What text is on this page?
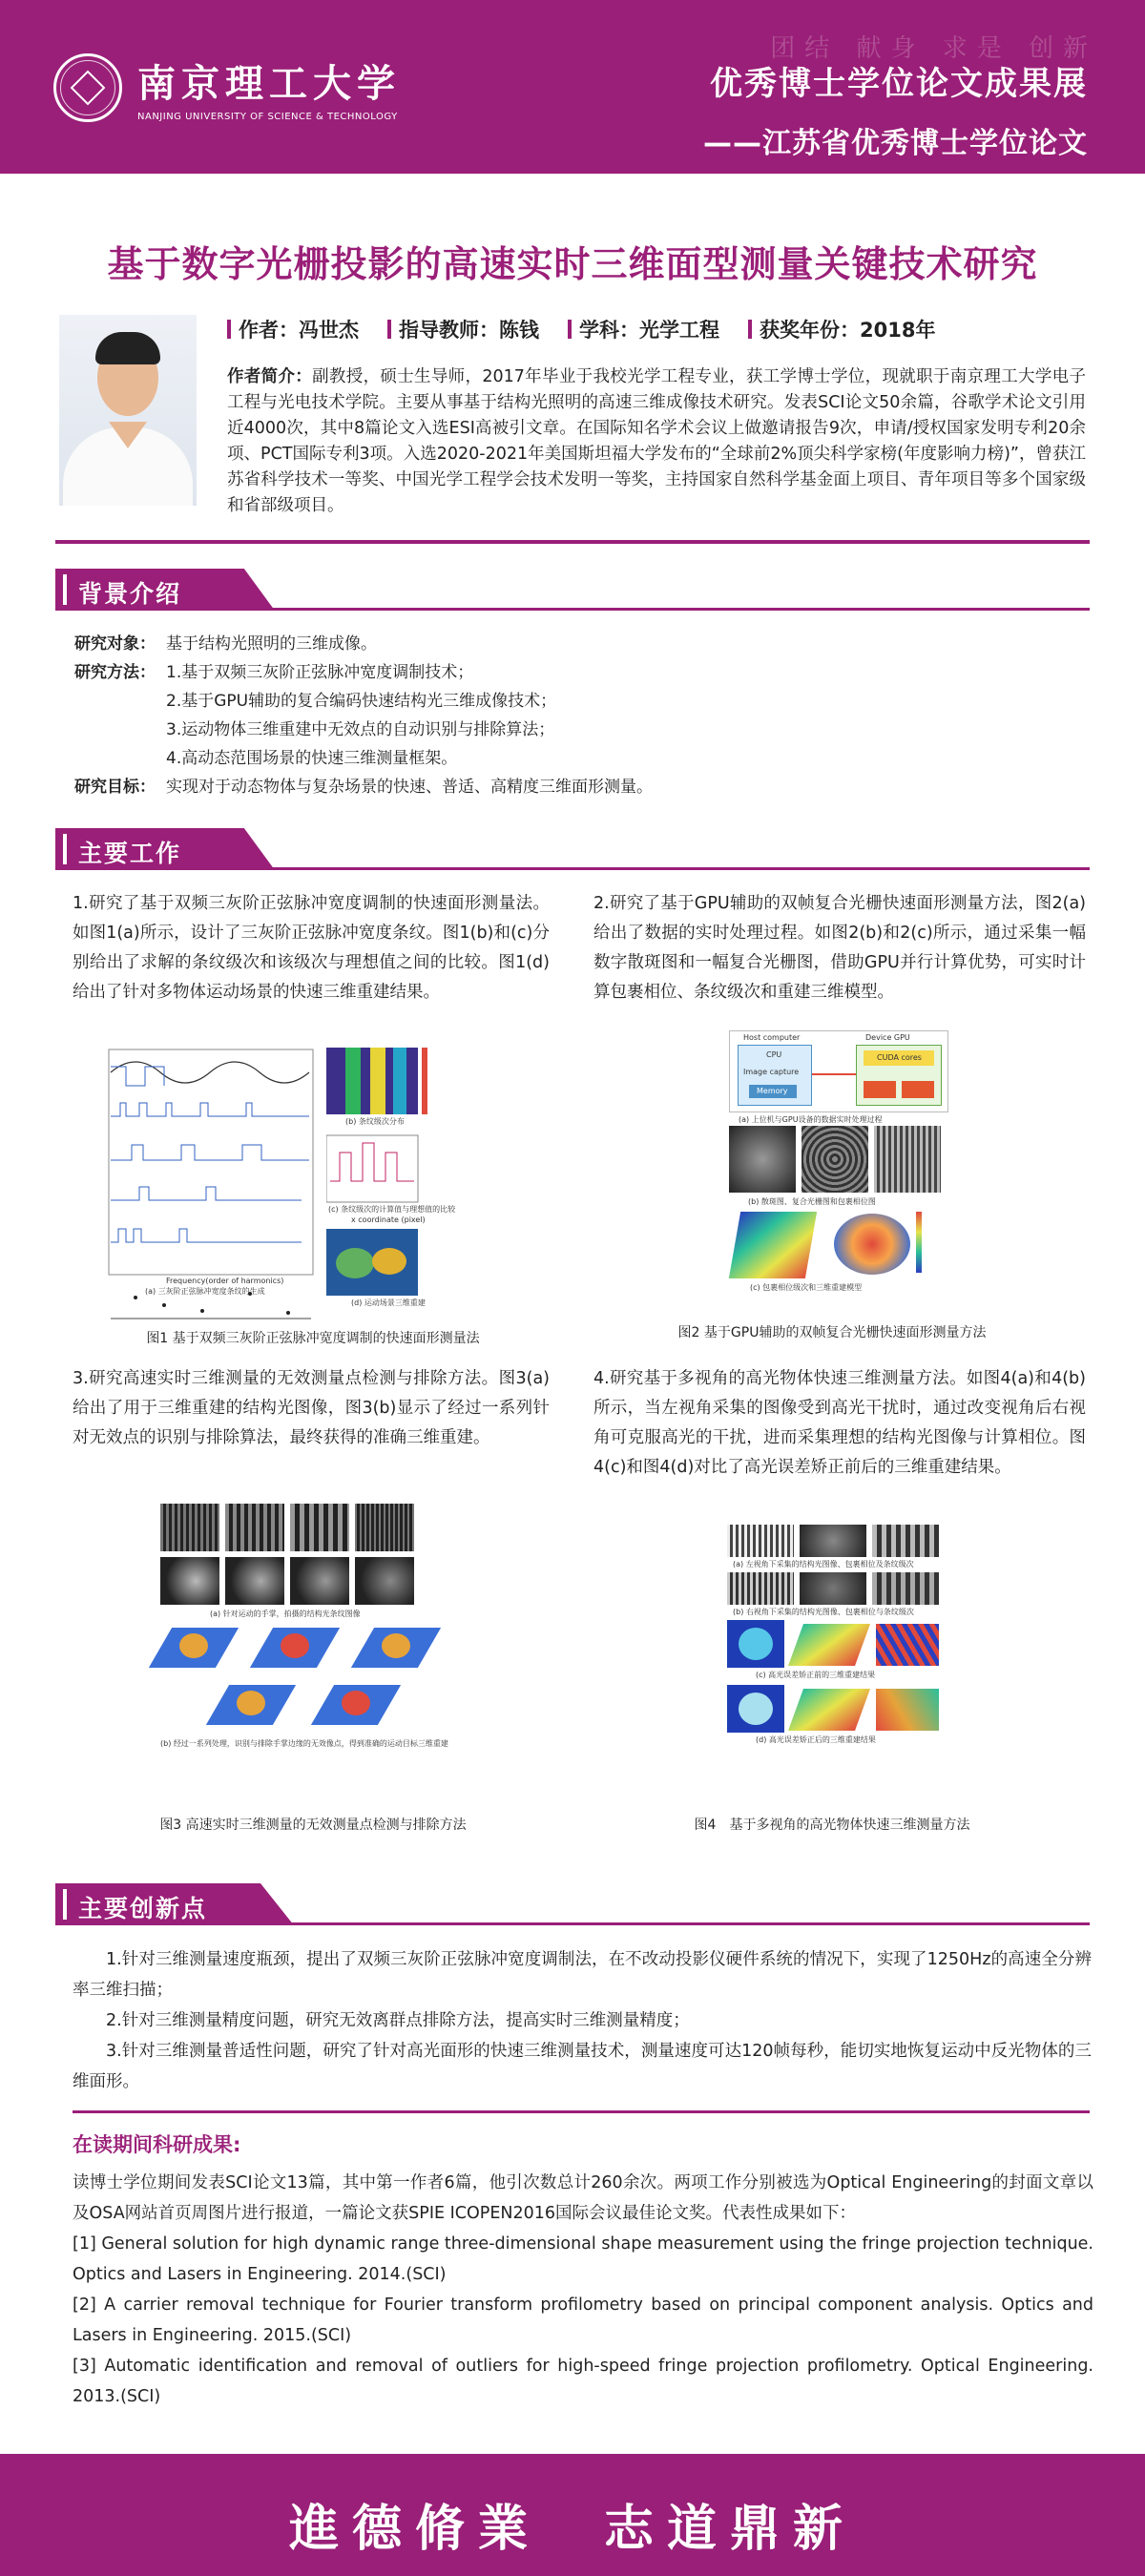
团结 献身 求是 创新
南京理工大学
NANJING UNIVERSITY OF SCIENCE & TECHNOLOGY
优秀博士学位论文成果展
——江苏省优秀博士学位论文
基于数字光栅投影的高速实时三维面型测量关键技术研究
作者：冯世杰 指导教师：陈钱 学科：光学工程 获奖年份：2018年
作者简介：副教授，硕士生导师，2017年毕业于我校光学工程专业，获工学博士学位，现就职于南京理工大学电子工程与光电技术学院。主要从事基于结构光照明的高速三维成像技术研究。发表SCI论文50余篇，谷歌学术论文引用近4000次，其中8篇论文入选ESI高被引文章。在国际知名学术会议上做邀请报告9次，申请/授权国家发明专利20余项、PCT国际专利3项。入选2020-2021年美国斯坦福大学发布的“全球前2%顶尖科学家榜(年度影响力榜)”，曾获江苏省科学技术一等奖、中国光学工程学会技术发明一等奖，主持国家自然科学基金面上项目、青年项目等多个国家级和省部级项目。
背景介绍
研究对象： 基于结构光照明的三维成像。
研究方法： 1.基于双频三灰阶正弦脉冲宽度调制技术；
2.基于GPU辅助的复合编码快速结构光三维成像技术；
3.运动物体三维重建中无效点的自动识别与排除算法；
4.高动态范围场景的快速三维测量框架。
研究目标： 实现对于动态物体与复杂场景的快速、普适、高精度三维面形测量。
主要工作
1.研究了基于双频三灰阶正弦脉冲宽度调制的快速面形测量法。如图1(a)所示，设计了三灰阶正弦脉冲宽度条纹。图1(b)和(c)分别给出了求解的条纹级次和该级次与理想值之间的比较。图1(d)给出了针对多物体运动场景的快速三维重建结果。
2.研究了基于GPU辅助的双帧复合光栅快速面形测量方法，图2(a)给出了数据的实时处理过程。如图2(b)和2(c)所示，通过采集一幅数字散斑图和一幅复合光栅图，借助GPU并行计算优势，可实时计算包裹相位、条纹级次和重建三维模型。
Frequency(order of harmonics)
(a) 三灰阶正弦脉冲宽度条纹的生成
(b) 条纹级次分布
(c) 条纹级次的计算值与理想值的比较
x coordinate (pixel)
(d) 运动场景三维重建
图1 基于双频三灰阶正弦脉冲宽度调制的快速面形测量法
Host computer	Device GPU
CPU
Image capture
CUDA cores
Memory
(a) 上位机与GPU设备的数据实时处理过程
(b) 散斑图、复合光栅图和包裹相位图
(c) 包裹相位级次和三维重建模型
图2 基于GPU辅助的双帧复合光栅快速面形测量方法
3.研究高速实时三维测量的无效测量点检测与排除方法。图3(a)给出了用于三维重建的结构光图像，图3(b)显示了经过一系列针对无效点的识别与排除算法，最终获得的准确三维重建。
4.研究基于多视角的高光物体快速三维测量方法。如图4(a)和4(b)所示，当左视角采集的图像受到高光干扰时，通过改变视角后右视角可克服高光的干扰，进而采集理想的结构光图像与计算相位。图4(c)和图4(d)对比了高光误差矫正前后的三维重建结果。
(a) 针对运动的手掌，拍摄的结构光条纹图像
(b) 经过一系列处理，识别与排除手掌边缘的无效像点，得到准确的运动目标三维重建
图3 高速实时三维测量的无效测量点检测与排除方法
(a) 左视角下采集的结构光图像、包裹相位及条纹级次
(b) 右视角下采集的结构光图像、包裹相位与条纹级次
(c) 高光误差矫正前的三维重建结果
(d) 高光误差矫正后的三维重建结果
图4　基于多视角的高光物体快速三维测量方法
主要创新点

1.针对三维测量速度瓶颈，提出了双频三灰阶正弦脉冲宽度调制法，在不改动投影仪硬件系统的情况下，实现了1250Hz的高速全分辨率三维扫描；

2.针对三维测量精度问题，研究无效离群点排除方法，提高实时三维测量精度；

3.针对三维测量普适性问题，研究了针对高光面形的快速三维测量技术，测量速度可达120帧每秒，能切实地恢复运动中反光物体的三维面形。

在读期间科研成果:
读博士学位期间发表SCI论文13篇，其中第一作者6篇，他引次数总计260余次。两项工作分别被选为Optical Engineering的封面文章以及OSA网站首页周图片进行报道，一篇论文获SPIE ICOPEN2016国际会议最佳论文奖。代表性成果如下：
[1] General solution for high dynamic range three-dimensional shape measurement using the fringe projection technique. Optics and Lasers in Engineering. 2014.(SCI)
[2] A carrier removal technique for Fourier transform profilometry based on principal component analysis. Optics and Lasers in Engineering. 2015.(SCI)
[3] Automatic identification and removal of outliers for high-speed fringe projection profilometry. Optical Engineering. 2013.(SCI)
進德脩業　志道鼎新
